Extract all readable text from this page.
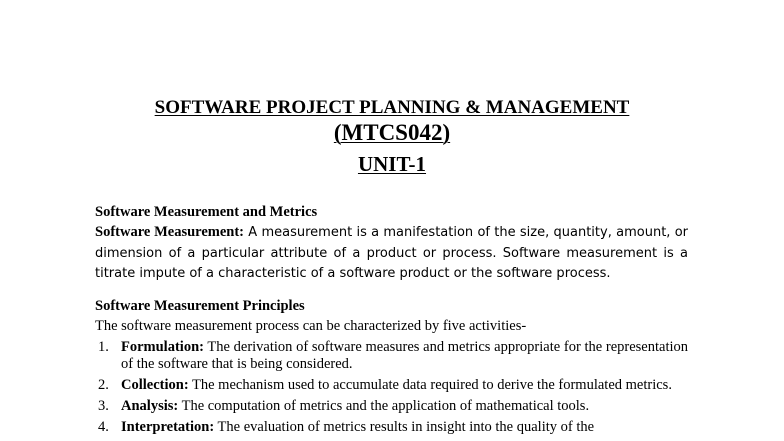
SOFTWARE PROJECT PLANNING & MANAGEMENT
(MTCS042)
UNIT-1
Software Measurement and Metrics
Software Measurement: A measurement is a manifestation of the size, quantity, amount, or dimension of a particular attribute of a product or process. Software measurement is a titrate impute of a characteristic of a software product or the software process.
Software Measurement Principles
The software measurement process can be characterized by five activities-
1. Formulation: The derivation of software measures and metrics appropriate for the representation of the software that is being considered.
2. Collection: The mechanism used to accumulate data required to derive the formulated metrics.
3. Analysis: The computation of metrics and the application of mathematical tools.
4. Interpretation: The evaluation of metrics results in insight into the quality of the
